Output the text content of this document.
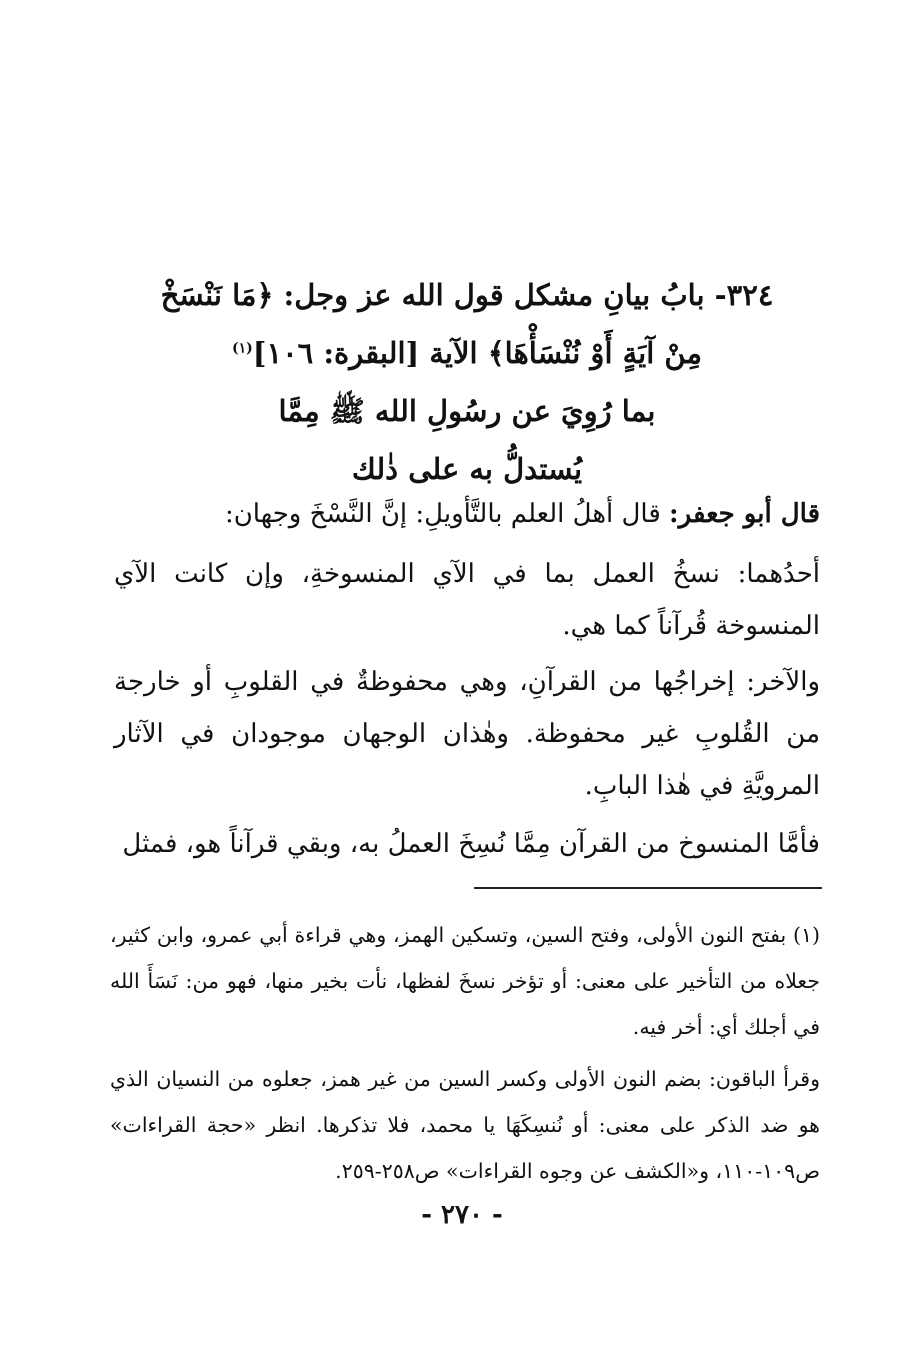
٣٢٤- بابُ بيانِ مشكل قول الله عز وجل: ﴿مَا نَنْسَخْ
مِنْ آيَةٍ أَوْ نُنْسَأْهَا﴾ الآية [البقرة: ١٠٦]$^{(١)}$
بما رُوِيَ عن رسُولِ الله ﷺ مِمَّا
يُستدلُّ به على ذٰلك
قال أبو جعفر: قال أهلُ العلم بالتَّأويلِ: إنَّ النَّسْخَ وجهان:
أحدُهما: نسخُ العمل بما في الآي المنسوخةِ، وإن كانت الآي المنسوخة قُرآناً كما هي.
والآخر: إخراجُها من القرآنِ، وهي محفوظةٌ في القلوبِ أو خارجة من القُلوبِ غير محفوظة. وهٰذان الوجهان موجودان في الآثار المرويَّةِ في هٰذا البابِ.
فأمَّا المنسوخ من القرآن مِمَّا نُسِخَ العملُ به، وبقي قرآناً هو، فمثل

(١) بفتح النون الأولى، وفتح السين، وتسكين الهمز، وهي قراءة أبي عمرو، وابن كثير، جعلاه من التأخير على معنى: أو تؤخر نسخَ لفظها، نأت بخير منها، فهو من: نَسَأَ الله في أجلك أي: أخر فيه.

وقرأ الباقون: بضم النون الأولى وكسر السين من غير همز، جعلوه من النسيان الذي هو ضد الذكر على معنى: أو نُنسِكَهَا يا محمد، فلا تذكرها. انظر «حجة القراءات» ص١٠٩-١١٠، و«الكشف عن وجوه القراءات» ص٢٥٨-٢٥٩.

- ٢٧٠ -
